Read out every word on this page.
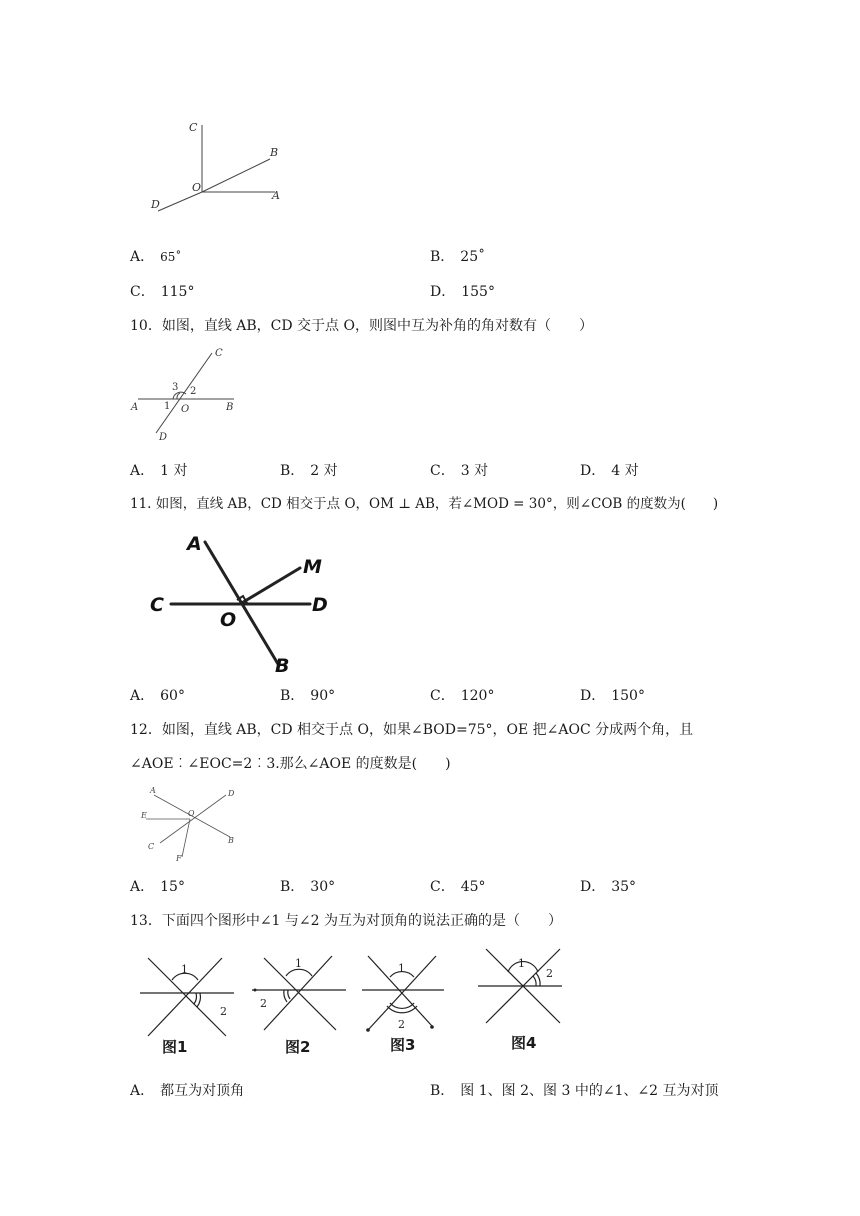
C
B
O
A
D
A． 65˚	B． 25˚
C． 115°	D． 155°
10．如图，直线 AB，CD 交于点 O，则图中互为补角的角对数有（　　）
C
A	B
O
D
3 2
1
A． 1 对	B． 2 对	C． 3 对	D． 4 对
11. 如图，直线 AB，CD 相交于点 O，OM ⊥ AB，若∠MOD = 30°，则∠COB 的度数为(　　)
A
M
C
O
D
B
A． 60°	B． 90°	C． 120°	D． 150°
12．如图，直线 AB，CD 相交于点 O，如果∠BOD=75°，OE 把∠AOC 分成两个角，且
∠AOE︰∠EOC=2︰3.那么∠AOE 的度数是(　　)
A
O
D
E
C
F
B
A． 15°	B． 30°	C． 45°	D． 35°
13．下面四个图形中∠1 与∠2 为互为对顶角的说法正确的是（　　）
1
2
图1
1
2
图2
1
2
图3
1
2
图4
A． 都互为对顶角	B． 图 1、图 2、图 3 中的∠1、∠2 互为对顶
